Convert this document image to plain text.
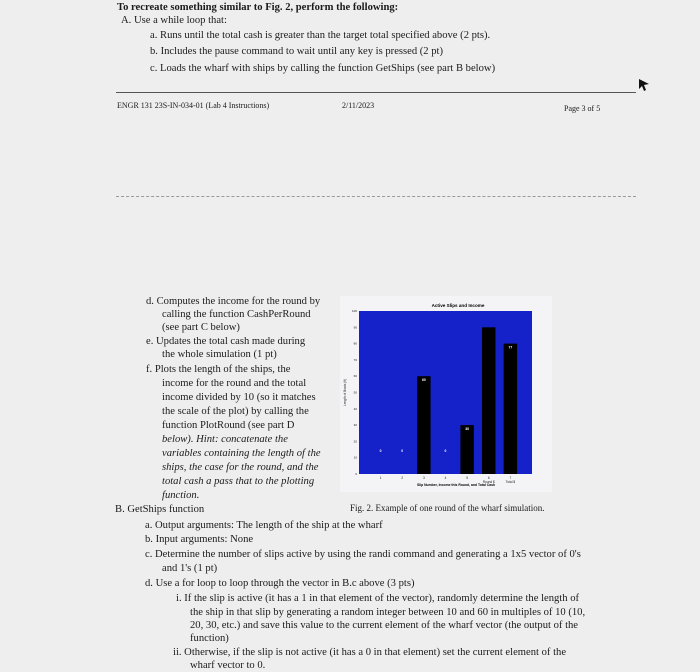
To recreate something similar to Fig. 2, perform the following:
A. Use a while loop that:
a. Runs until the total cash is greater than the target total specified above (2 pts).
b. Includes the pause command to wait until any key is pressed (2 pt)
c. Loads the wharf with ships by calling the function GetShips (see part B below)
ENGR 131 23S-IN-034-01 (Lab 4 Instructions)	2/11/2023	Page 3 of 5
d. Computes the income for the round by
calling the function CashPerRound
(see part C below)
e. Updates the total cash made during
the whole simulation (1 pt)
f. Plots the length of the ships, the
income for the round and the total
income divided by 10 (so it matches
the scale of the plot) by calling the
function PlotRound (see part D
below). Hint: concatenate the
variables containing the length of the
ships, the case for the round, and the
total cash a pass that to the plotting
function.
Active Slips and Income
0
10
20
30
40
50
60
70
80
90
100
Length of Boats (ft)
0	0
60
0
30
77
1	2	3	4	5	6	7
Round $	Total $
Slip Number, Income this Round, and Total Cash
Fig. 2. Example of one round of the wharf simulation.
B. GetShips function
a. Output arguments: The length of the ship at the wharf
b. Input arguments: None
c. Determine the number of slips active by using the randi command and generating a 1x5 vector of 0's
and 1's (1 pt)
d. Use a for loop to loop through the vector in B.c above (3 pts)
i. If the slip is active (it has a 1 in that element of the vector), randomly determine the length of
the ship in that slip by generating a random integer between 10 and 60 in multiples of 10 (10,
20, 30, etc.) and save this value to the current element of the wharf vector (the output of the
function)
ii. Otherwise, if the slip is not active (it has a 0 in that element) set the current element of the
wharf vector to 0.
